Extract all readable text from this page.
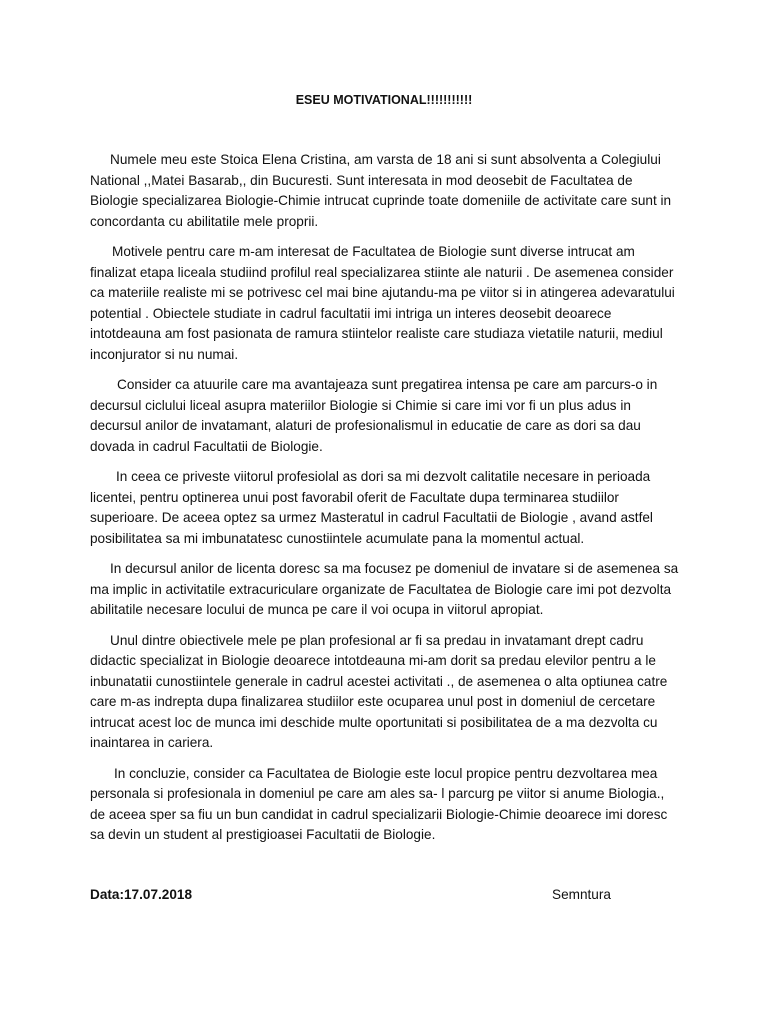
ESEU MOTIVATIONAL!!!!!!!!!!!

Numele meu este Stoica Elena Cristina, am varsta de 18 ani si sunt absolventa a Colegiului National ,,Matei Basarab,, din Bucuresti. Sunt interesata in mod deosebit de Facultatea de Biologie specializarea Biologie-Chimie intrucat cuprinde toate domeniile de activitate care sunt in concordanta cu abilitatile mele proprii.

Motivele pentru care m-am interesat de Facultatea de Biologie sunt diverse intrucat am finalizat etapa liceala studiind profilul real specializarea stiinte ale naturii . De asemenea consider ca materiile realiste mi se potrivesc cel mai bine ajutandu-ma pe viitor si in atingerea adevaratului potential . Obiectele studiate in cadrul facultatii imi intriga un interes deosebit deoarece intotdeauna am fost pasionata de ramura stiintelor realiste care studiaza vietatile naturii, mediul inconjurator si nu numai.

Consider ca atuurile care ma avantajeaza sunt pregatirea intensa pe care am parcurs-o in decursul ciclului liceal asupra materiilor Biologie si Chimie si care imi vor fi un plus adus in decursul anilor de invatamant, alaturi de profesionalismul in educatie de care as dori sa dau dovada in cadrul Facultatii de Biologie.

In ceea ce priveste viitorul profesiolal as dori sa mi dezvolt calitatile necesare in perioada licentei, pentru optinerea unui post favorabil oferit de Facultate dupa terminarea studiilor superioare. De aceea optez sa urmez Masteratul in cadrul Facultatii de Biologie , avand astfel posibilitatea sa mi imbunatatesc cunostiintele acumulate pana la momentul actual.

In decursul anilor de licenta doresc sa ma focusez pe domeniul de invatare si de asemenea sa ma implic in activitatile extracuriculare organizate de Facultatea de Biologie care imi pot dezvolta abilitatile necesare locului de munca pe care il voi ocupa in viitorul apropiat.

Unul dintre obiectivele mele pe plan profesional ar fi sa predau in invatamant drept cadru didactic specializat in Biologie deoarece intotdeauna mi-am dorit sa predau elevilor pentru a le inbunatatii cunostiintele generale in cadrul acestei activitati ., de asemenea o alta optiunea catre care m-as indrepta dupa finalizarea studiilor este ocuparea unul post in domeniul de cercetare intrucat acest loc de munca imi deschide multe oportunitati si posibilitatea de a ma dezvolta cu inaintarea in cariera.

In concluzie, consider ca Facultatea de Biologie este locul propice pentru dezvoltarea mea personala si profesionala in domeniul pe care am ales sa- l parcurg pe viitor si anume Biologia., de aceea sper sa fiu un bun candidat in cadrul specializarii Biologie-Chimie deoarece imi doresc sa devin un student al prestigioasei Facultatii de Biologie.

Data:17.07.2018	Semntura
